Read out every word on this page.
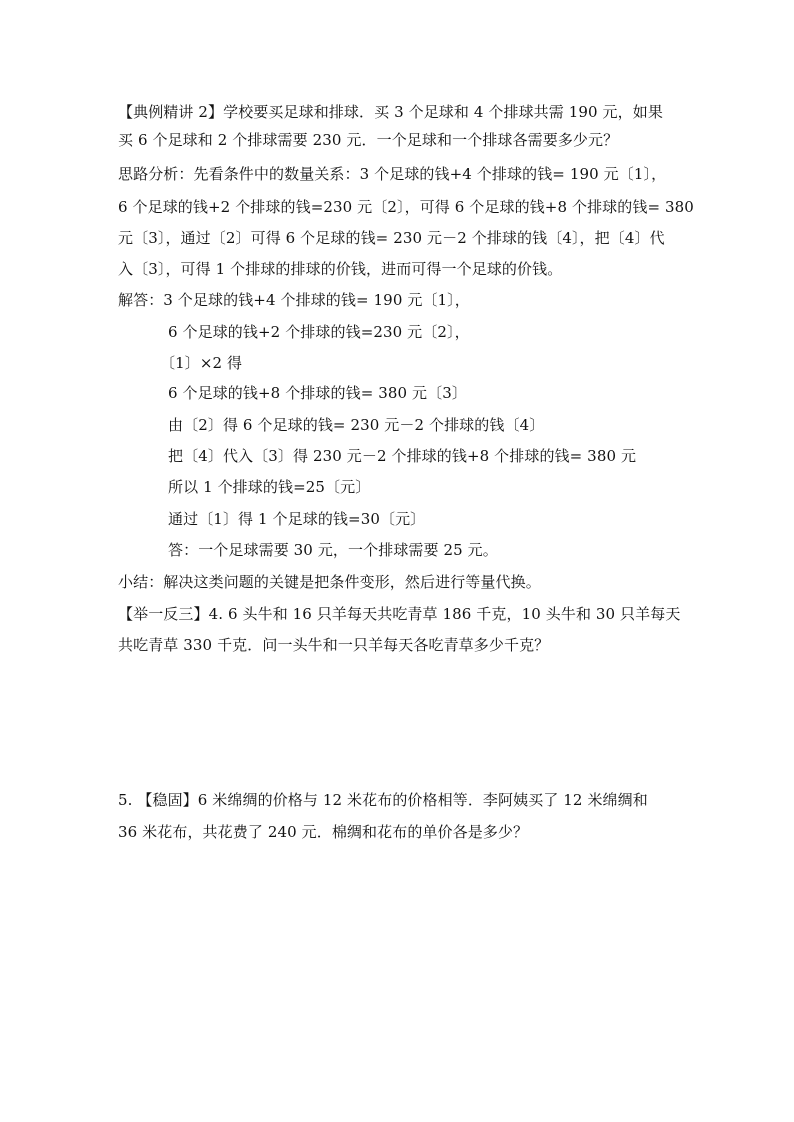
【典例精讲 2】学校要买足球和排球．买 3 个足球和 4 个排球共需 190 元，如果
买 6 个足球和 2 个排球需要 230 元．一个足球和一个排球各需要多少元？
思路分析：先看条件中的数量关系：3 个足球的钱+4 个排球的钱= 190 元〔1〕，
6 个足球的钱+2 个排球的钱=230 元〔2〕，可得 6 个足球的钱+8 个排球的钱= 380
元〔3〕，通过〔2〕可得 6 个足球的钱= 230 元－2 个排球的钱〔4〕，把〔4〕代
入〔3〕，可得 1 个排球的排球的价钱，进而可得一个足球的价钱。
解答：3 个足球的钱+4 个排球的钱= 190 元〔1〕，
6 个足球的钱+2 个排球的钱=230 元〔2〕，
〔1〕×2 得
6 个足球的钱+8 个排球的钱= 380 元〔3〕
由〔2〕得 6 个足球的钱= 230 元－2 个排球的钱〔4〕
把〔4〕代入〔3〕得 230 元－2 个排球的钱+8 个排球的钱= 380 元
所以 1 个排球的钱=25〔元〕
通过〔1〕得 1 个足球的钱=30〔元〕
答：一个足球需要 30 元，一个排球需要 25 元。
小结：解决这类问题的关键是把条件变形，然后进行等量代换。
【举一反三】4. 6 头牛和 16 只羊每天共吃青草 186 千克，10 头牛和 30 只羊每天
共吃青草 330 千克．问一头牛和一只羊每天各吃青草多少千克？
5. 【稳固】6 米绵绸的价格与 12 米花布的价格相等．李阿姨买了 12 米绵绸和
36 米花布，共花费了 240 元．棉绸和花布的单价各是多少？
